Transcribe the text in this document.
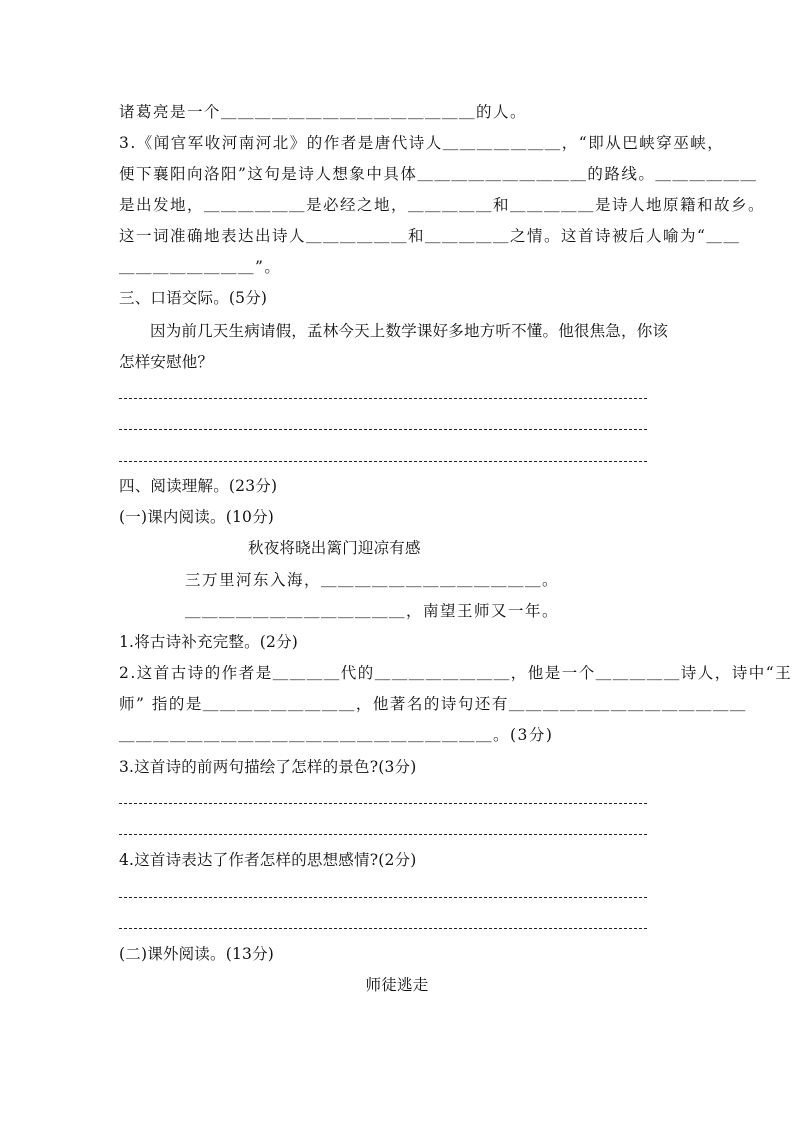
诸葛亮是一个＿＿＿＿＿＿＿＿＿＿＿＿＿＿＿的人。
3.《闻官军收河南河北》的作者是唐代诗人＿＿＿＿＿＿＿，“即从巴峡穿巫峡，
便下襄阳向洛阳”这句是诗人想象中具体＿＿＿＿＿＿＿＿＿＿的路线。＿＿＿＿＿＿
是出发地，＿＿＿＿＿＿是必经之地，＿＿＿＿＿和＿＿＿＿＿是诗人地原籍和故乡。
这一词准确地表达出诗人＿＿＿＿＿＿和＿＿＿＿＿之情。这首诗被后人喻为“＿＿
＿＿＿＿＿＿＿＿”。
三、口语交际。(5分)
因为前几天生病请假，孟林今天上数学课好多地方听不懂。他很焦急，你该
怎样安慰他？
四、阅读理解。(23分)
(一)课内阅读。(10分)
秋夜将晓出篱门迎凉有感
三万里河东入海，＿＿＿＿＿＿＿＿＿＿＿＿＿。
＿＿＿＿＿＿＿＿＿＿＿＿＿，南望王师又一年。
1.将古诗补充完整。(2分)
2.这首古诗的作者是＿＿＿＿代的＿＿＿＿＿＿＿＿，他是一个＿＿＿＿＿诗人，诗中“王
师” 指的是＿＿＿＿＿＿＿＿＿，他著名的诗句还有＿＿＿＿＿＿＿＿＿＿＿＿＿＿
＿＿＿＿＿＿＿＿＿＿＿＿＿＿＿＿＿＿＿＿＿＿。(3分)
3.这首诗的前两句描绘了怎样的景色?(3分)
4.这首诗表达了作者怎样的思想感情?(2分)
(二)课外阅读。(13分)
师徒逃走
